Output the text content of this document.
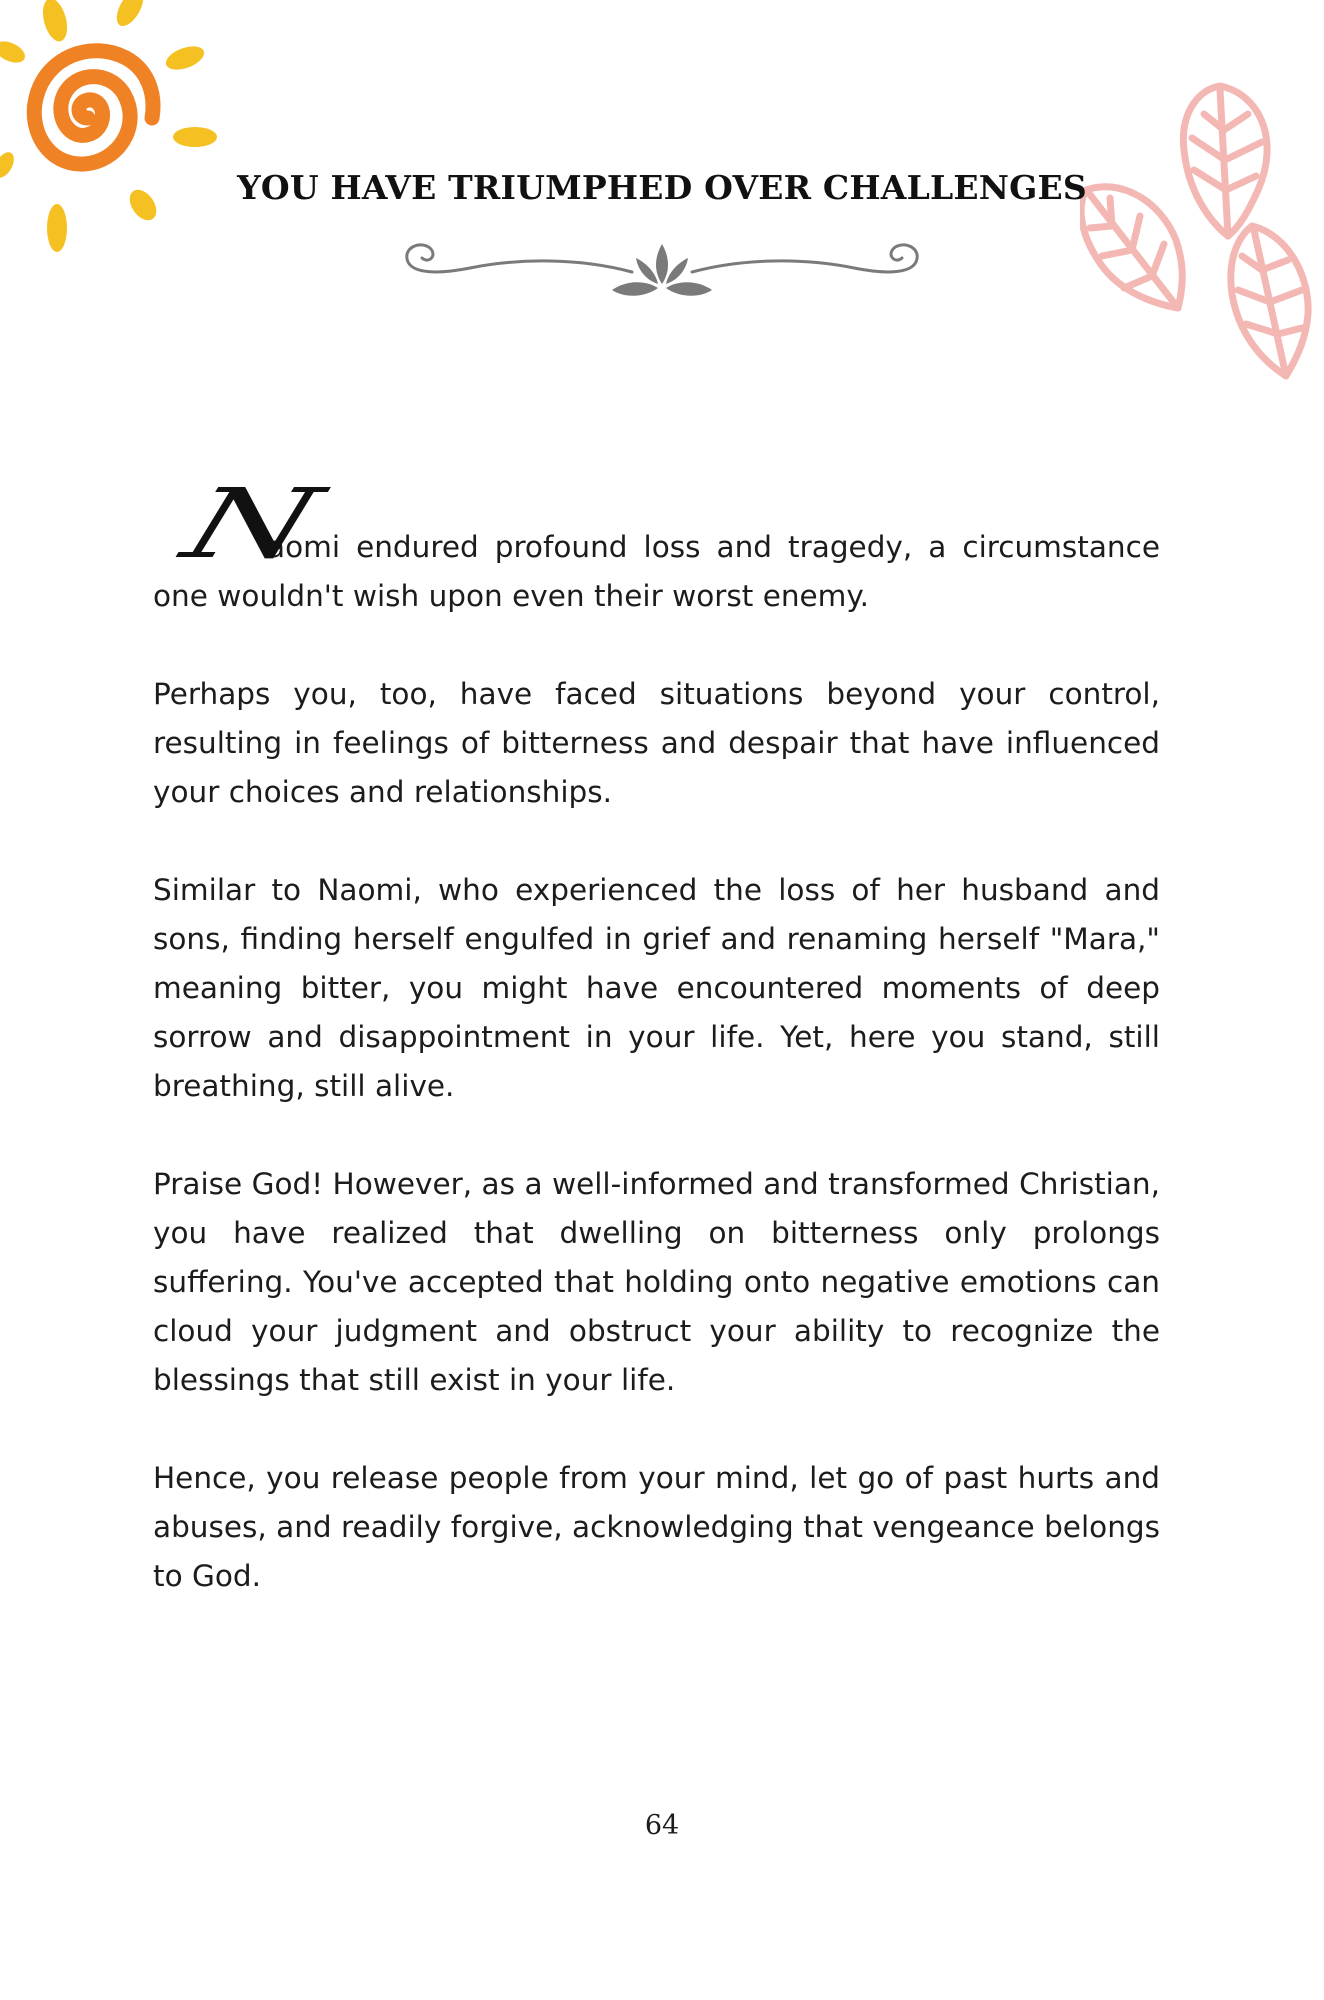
YOU HAVE TRIUMPHED OVER CHALLENGES

Naomi endured profound loss and tragedy, a circumstance one wouldn't wish upon even their worst enemy.

Perhaps you, too, have faced situations beyond your control, resulting in feelings of bitterness and despair that have influenced your choices and relationships.

Similar to Naomi, who experienced the loss of her husband and sons, finding herself engulfed in grief and renaming herself "Mara," meaning bitter, you might have encountered moments of deep sorrow and disappointment in your life. Yet, here you stand, still breathing, still alive.

Praise God! However, as a well-informed and transformed Christian, you have realized that dwelling on bitterness only prolongs suffering. You've accepted that holding onto negative emotions can cloud your judgment and obstruct your ability to recognize the blessings that still exist in your life.

Hence, you release people from your mind, let go of past hurts and abuses, and readily forgive, acknowledging that vengeance belongs to God.

64
